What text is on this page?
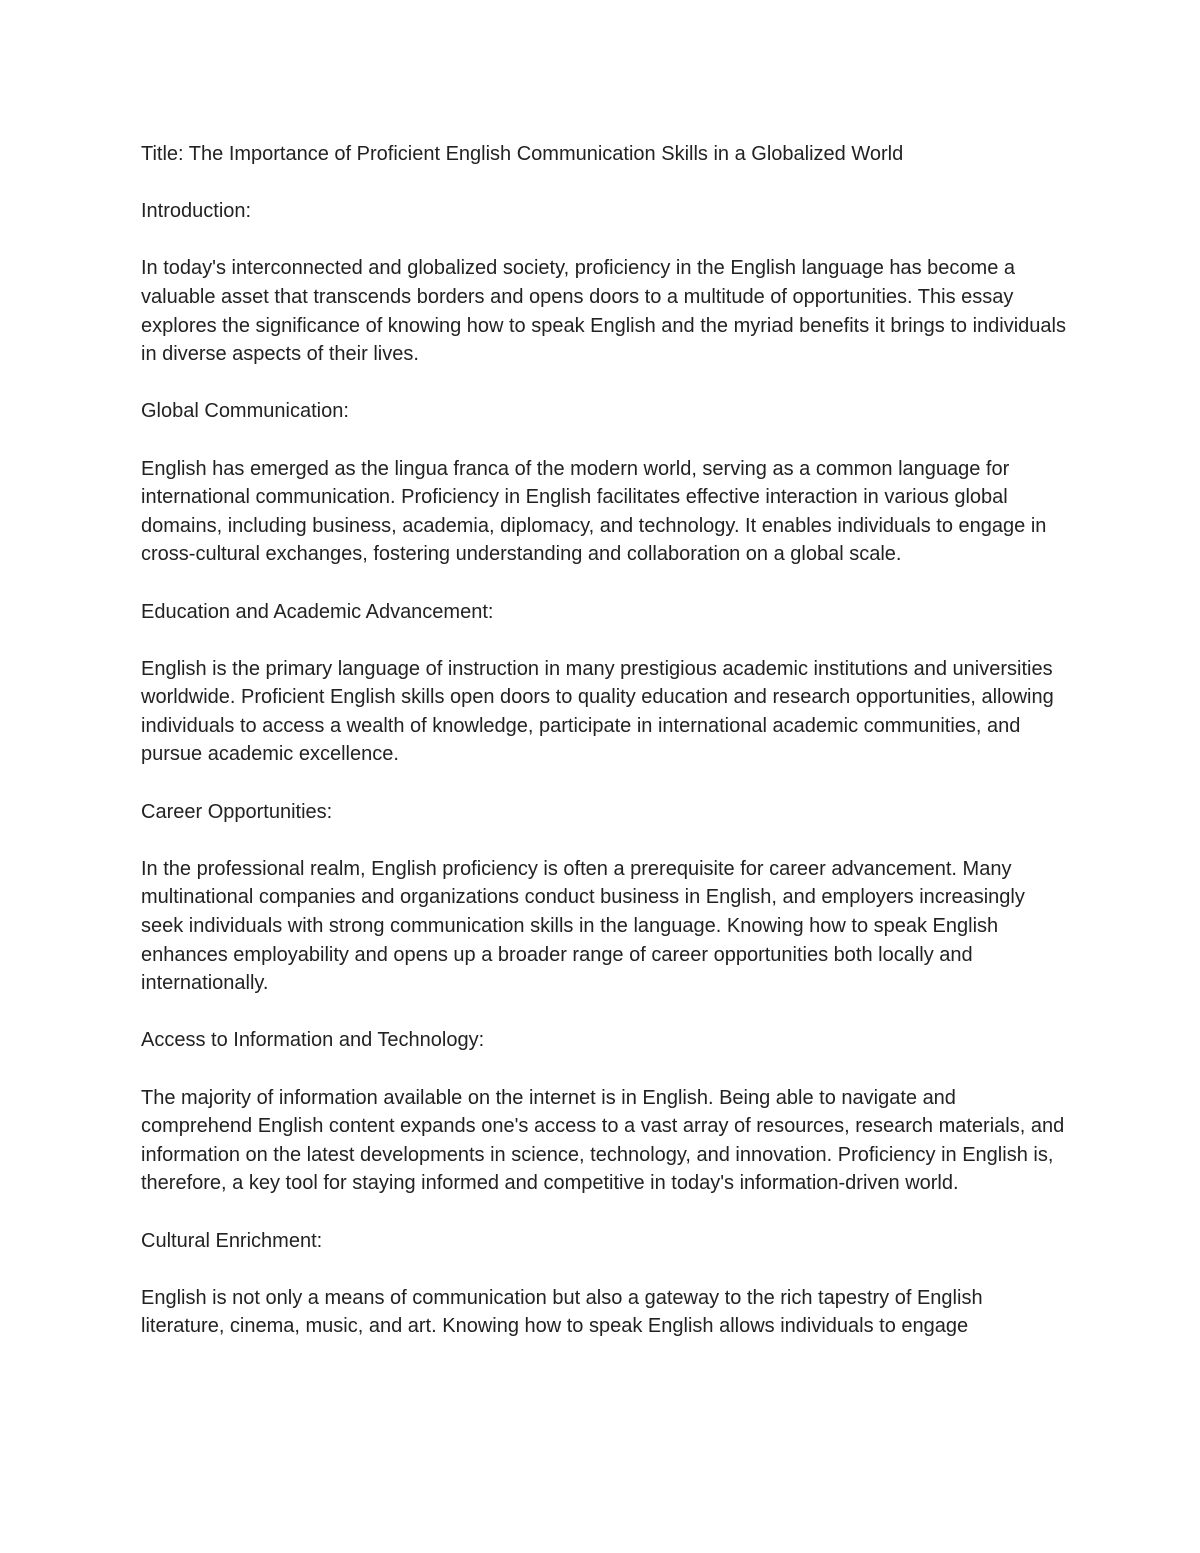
Title: The Importance of Proficient English Communication Skills in a Globalized World

Introduction:

In today's interconnected and globalized society, proficiency in the English language has become a valuable asset that transcends borders and opens doors to a multitude of opportunities. This essay explores the significance of knowing how to speak English and the myriad benefits it brings to individuals in diverse aspects of their lives.

Global Communication:

English has emerged as the lingua franca of the modern world, serving as a common language for international communication. Proficiency in English facilitates effective interaction in various global domains, including business, academia, diplomacy, and technology. It enables individuals to engage in cross-cultural exchanges, fostering understanding and collaboration on a global scale.

Education and Academic Advancement:

English is the primary language of instruction in many prestigious academic institutions and universities worldwide. Proficient English skills open doors to quality education and research opportunities, allowing individuals to access a wealth of knowledge, participate in international academic communities, and pursue academic excellence.

Career Opportunities:

In the professional realm, English proficiency is often a prerequisite for career advancement. Many multinational companies and organizations conduct business in English, and employers increasingly seek individuals with strong communication skills in the language. Knowing how to speak English enhances employability and opens up a broader range of career opportunities both locally and internationally.

Access to Information and Technology:

The majority of information available on the internet is in English. Being able to navigate and comprehend English content expands one's access to a vast array of resources, research materials, and information on the latest developments in science, technology, and innovation. Proficiency in English is, therefore, a key tool for staying informed and competitive in today's information-driven world.

Cultural Enrichment:

English is not only a means of communication but also a gateway to the rich tapestry of English literature, cinema, music, and art. Knowing how to speak English allows individuals to engage
